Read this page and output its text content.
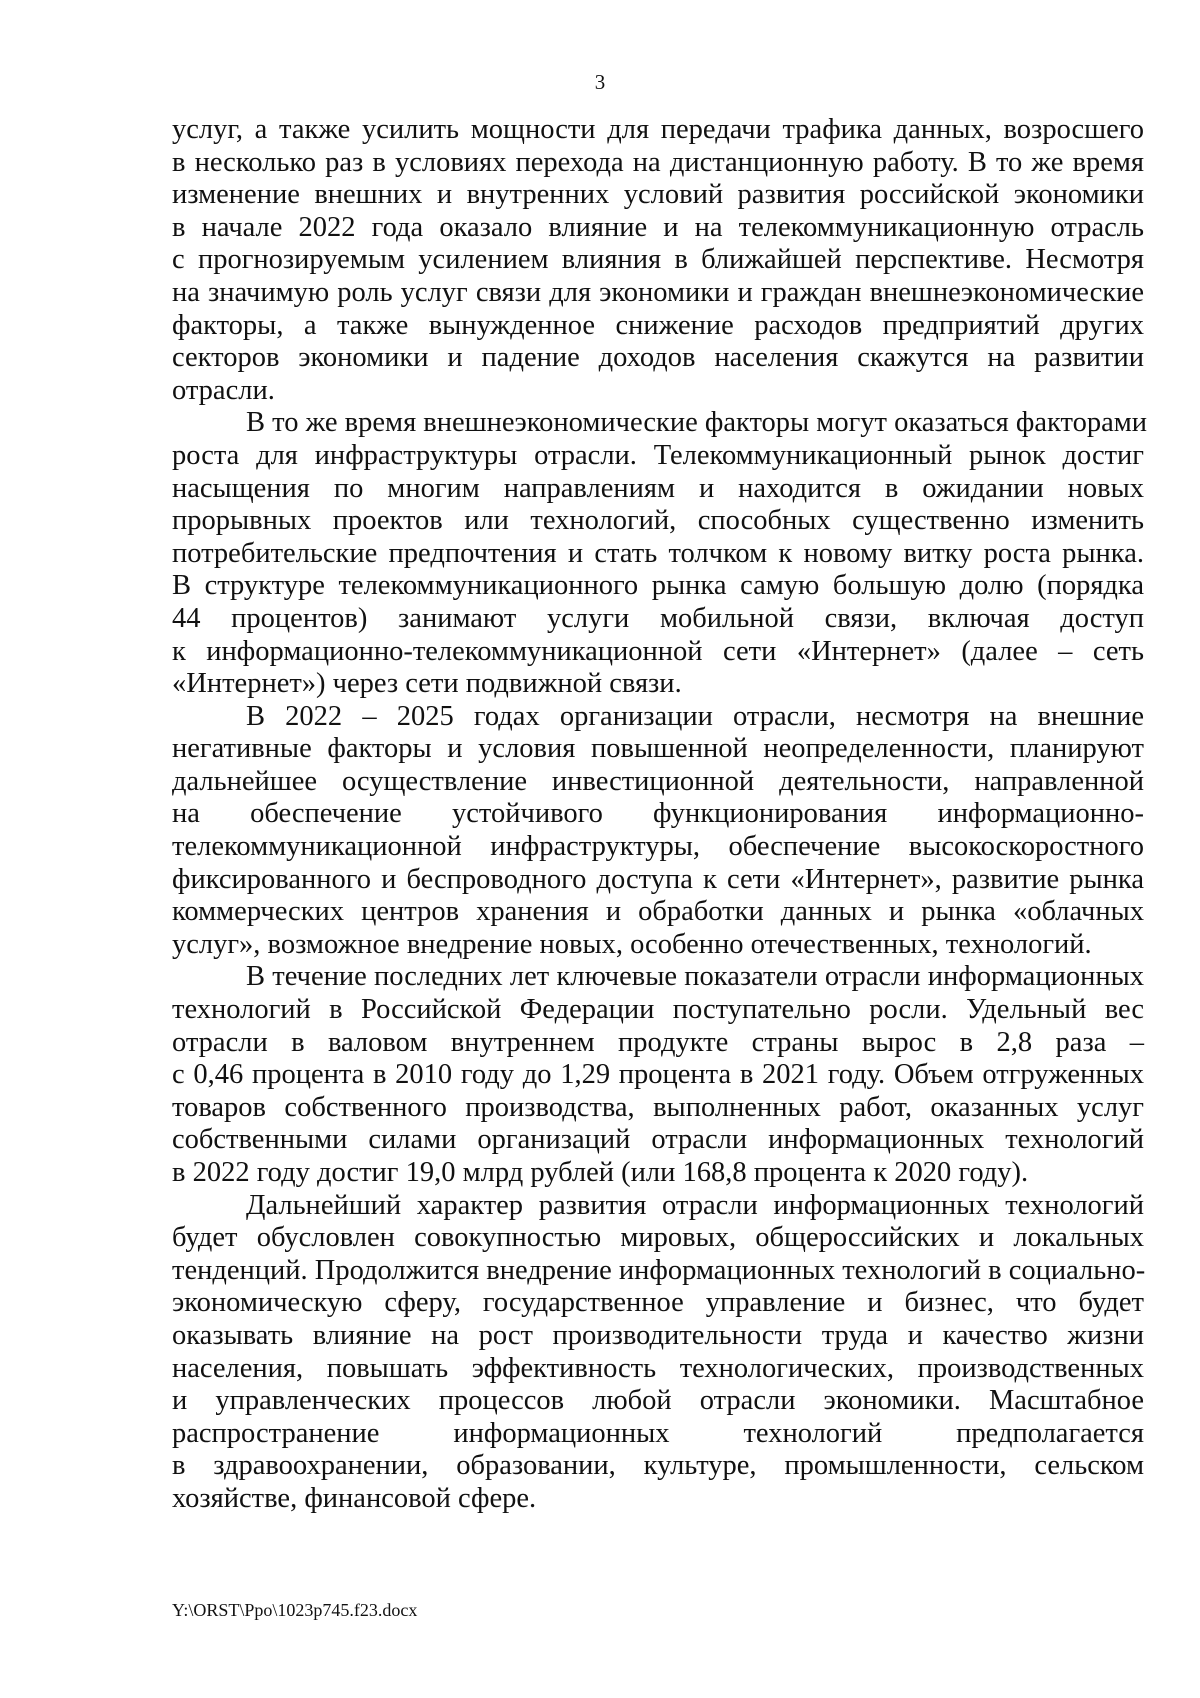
3
услуг, а также усилить мощности для передачи трафика данных, возросшего
в несколько раз в условиях перехода на дистанционную работу. В то же время
изменение внешних и внутренних условий развития российской экономики
в начале 2022 года оказало влияние и на телекоммуникационную отрасль
с прогнозируемым усилением влияния в ближайшей перспективе. Несмотря
на значимую роль услуг связи для экономики и граждан внешнеэкономические
факторы, а также вынужденное снижение расходов предприятий других
секторов экономики и падение доходов населения скажутся на развитии
отрасли.
В то же время внешнеэкономические факторы могут оказаться факторами
роста для инфраструктуры отрасли. Телекоммуникационный рынок достиг
насыщения по многим направлениям и находится в ожидании новых
прорывных проектов или технологий, способных существенно изменить
потребительские предпочтения и стать толчком к новому витку роста рынка.
В структуре телекоммуникационного рынка самую большую долю (порядка
44 процентов) занимают услуги мобильной связи, включая доступ
к информационно-телекоммуникационной сети «Интернет» (далее – сеть
«Интернет») через сети подвижной связи.
В 2022 – 2025 годах организации отрасли, несмотря на внешние
негативные факторы и условия повышенной неопределенности, планируют
дальнейшее осуществление инвестиционной деятельности, направленной
на обеспечение устойчивого функционирования информационно-
телекоммуникационной инфраструктуры, обеспечение высокоскоростного
фиксированного и беспроводного доступа к сети «Интернет», развитие рынка
коммерческих центров хранения и обработки данных и рынка «облачных
услуг», возможное внедрение новых, особенно отечественных, технологий.
В течение последних лет ключевые показатели отрасли информационных
технологий в Российской Федерации поступательно росли. Удельный вес
отрасли в валовом внутреннем продукте страны вырос в 2,8 раза –
с 0,46 процента в 2010 году до 1,29 процента в 2021 году. Объем отгруженных
товаров собственного производства, выполненных работ, оказанных услуг
собственными силами организаций отрасли информационных технологий
в 2022 году достиг 19,0 млрд рублей (или 168,8 процента к 2020 году).
Дальнейший характер развития отрасли информационных технологий
будет обусловлен совокупностью мировых, общероссийских и локальных
тенденций. Продолжится внедрение информационных технологий в социально-
экономическую сферу, государственное управление и бизнес, что будет
оказывать влияние на рост производительности труда и качество жизни
населения, повышать эффективность технологических, производственных
и управленческих процессов любой отрасли экономики. Масштабное
распространение информационных технологий предполагается
в здравоохранении, образовании, культуре, промышленности, сельском
хозяйстве, финансовой сфере.
Y:\ORST\Ppo\1023p745.f23.docx
